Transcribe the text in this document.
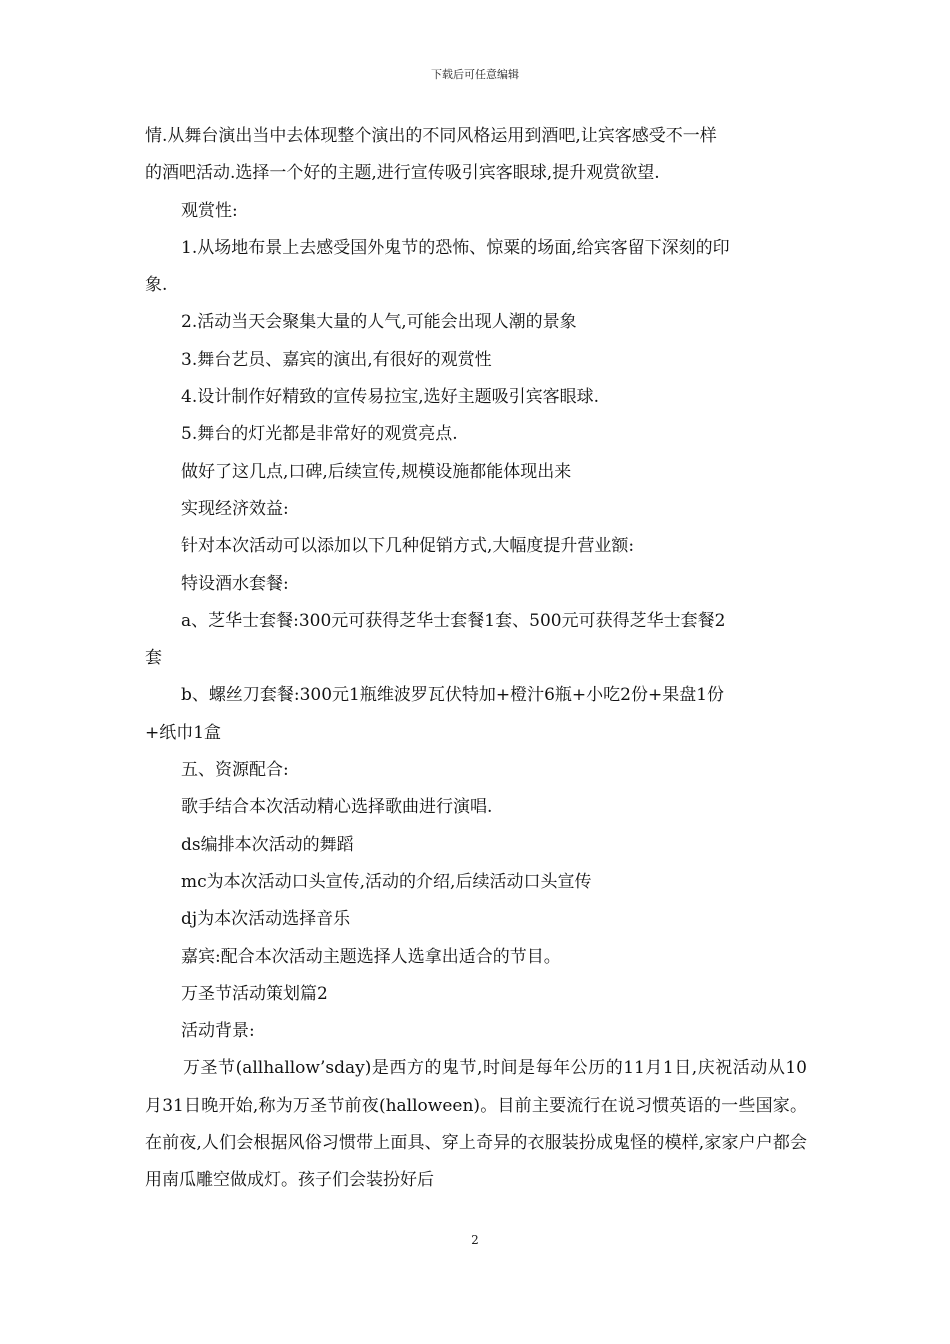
下载后可任意编辑
情.从舞台演出当中去体现整个演出的不同风格运用到酒吧,让宾客感受不一样
的酒吧活动.选择一个好的主题,进行宣传吸引宾客眼球,提升观赏欲望.
观赏性:
1.从场地布景上去感受国外鬼节的恐怖、惊粟的场面,给宾客留下深刻的印
象.
2.活动当天会聚集大量的人气,可能会出现人潮的景象
3.舞台艺员、嘉宾的演出,有很好的观赏性
4.设计制作好精致的宣传易拉宝,选好主题吸引宾客眼球.
5.舞台的灯光都是非常好的观赏亮点.
做好了这几点,口碑,后续宣传,规模设施都能体现出来
实现经济效益:
针对本次活动可以添加以下几种促销方式,大幅度提升营业额:
特设酒水套餐:
a、芝华士套餐:300元可获得芝华士套餐1套、500元可获得芝华士套餐2
套
b、螺丝刀套餐:300元1瓶维波罗瓦伏特加+橙汁6瓶+小吃2份+果盘1份
+纸巾1盒
五、资源配合:
歌手结合本次活动精心选择歌曲进行演唱.
ds编排本次活动的舞蹈
mc为本次活动口头宣传,活动的介绍,后续活动口头宣传
dj为本次活动选择音乐
嘉宾:配合本次活动主题选择人选拿出适合的节目。
万圣节活动策划篇2
活动背景:

万圣节(allhallow’sday)是西方的鬼节,时间是每年公历的11月1日,庆祝活动从10月31日晚开始,称为万圣节前夜(halloween)。目前主要流行在说习惯英语的一些国家。在前夜,人们会根据风俗习惯带上面具、穿上奇异的衣服装扮成鬼怪的模样,家家户户都会用南瓜雕空做成灯。孩子们会装扮好后

2
